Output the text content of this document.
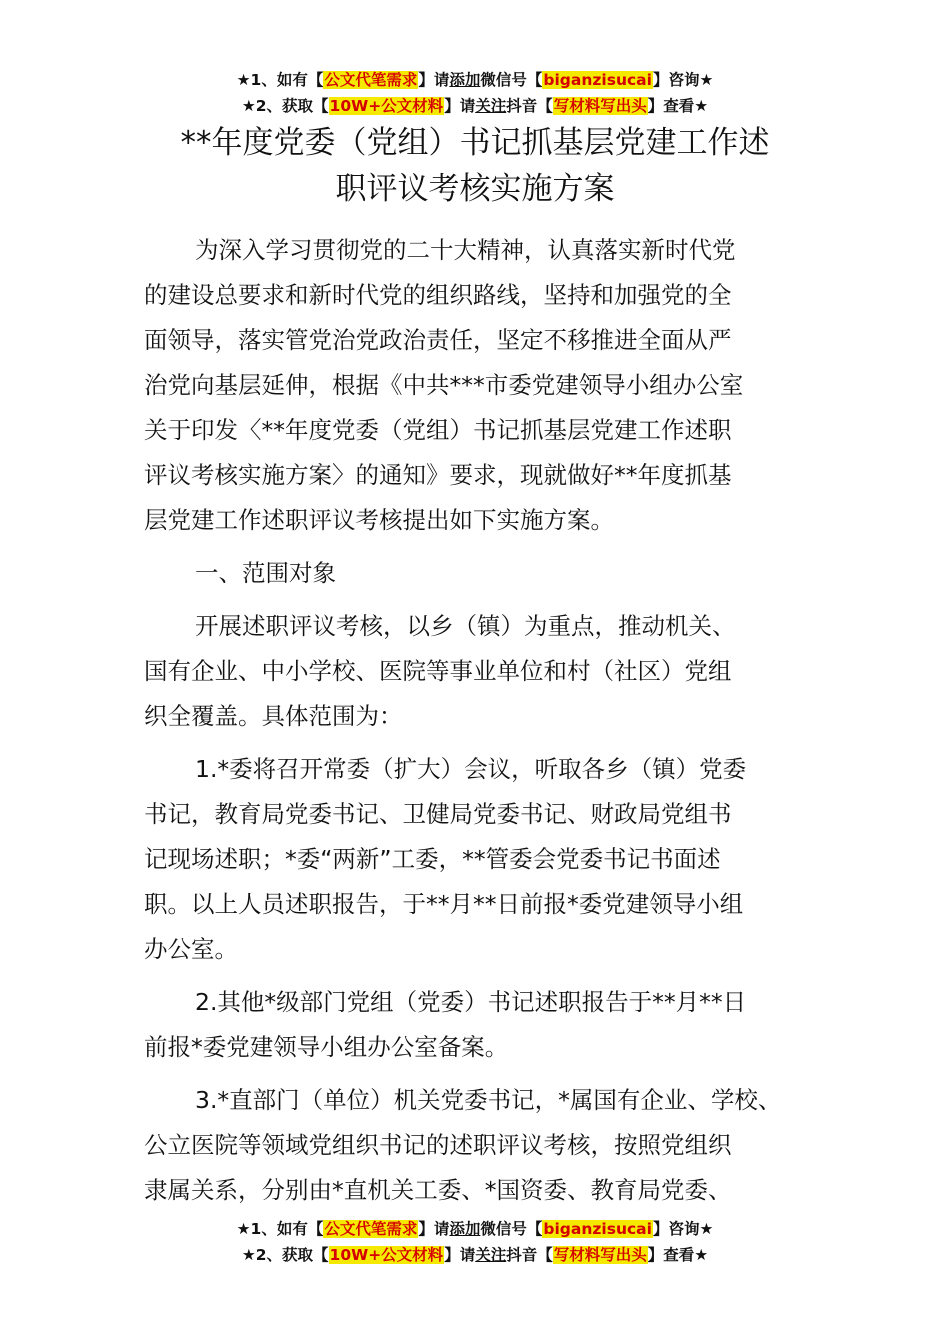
★1、如有【公文代笔需求】请添加微信号【biganzisucai】咨询★
★2、获取【10W+公文材料】请关注抖音【写材料写出头】查看★
**年度党委（党组）书记抓基层党建工作述
职评议考核实施方案
为深入学习贯彻党的二十大精神，认真落实新时代党
的建设总要求和新时代党的组织路线，坚持和加强党的全
面领导，落实管党治党政治责任，坚定不移推进全面从严
治党向基层延伸，根据《中共***市委党建领导小组办公室
关于印发〈**年度党委（党组）书记抓基层党建工作述职
评议考核实施方案〉的通知》要求，现就做好**年度抓基
层党建工作述职评议考核提出如下实施方案。
一、范围对象
开展述职评议考核，以乡（镇）为重点，推动机关、
国有企业、中小学校、医院等事业单位和村（社区）党组
织全覆盖。具体范围为：
1.*委将召开常委（扩大）会议，听取各乡（镇）党委
书记，教育局党委书记、卫健局党委书记、财政局党组书
记现场述职；*委“两新”工委，**管委会党委书记书面述
职。以上人员述职报告，于**月**日前报*委党建领导小组
办公室。
2.其他*级部门党组（党委）书记述职报告于**月**日
前报*委党建领导小组办公室备案。
3.*直部门（单位）机关党委书记，*属国有企业、学校、
公立医院等领域党组织书记的述职评议考核，按照党组织
隶属关系，分别由*直机关工委、*国资委、教育局党委、
★1、如有【公文代笔需求】请添加微信号【biganzisucai】咨询★
★2、获取【10W+公文材料】请关注抖音【写材料写出头】查看★
